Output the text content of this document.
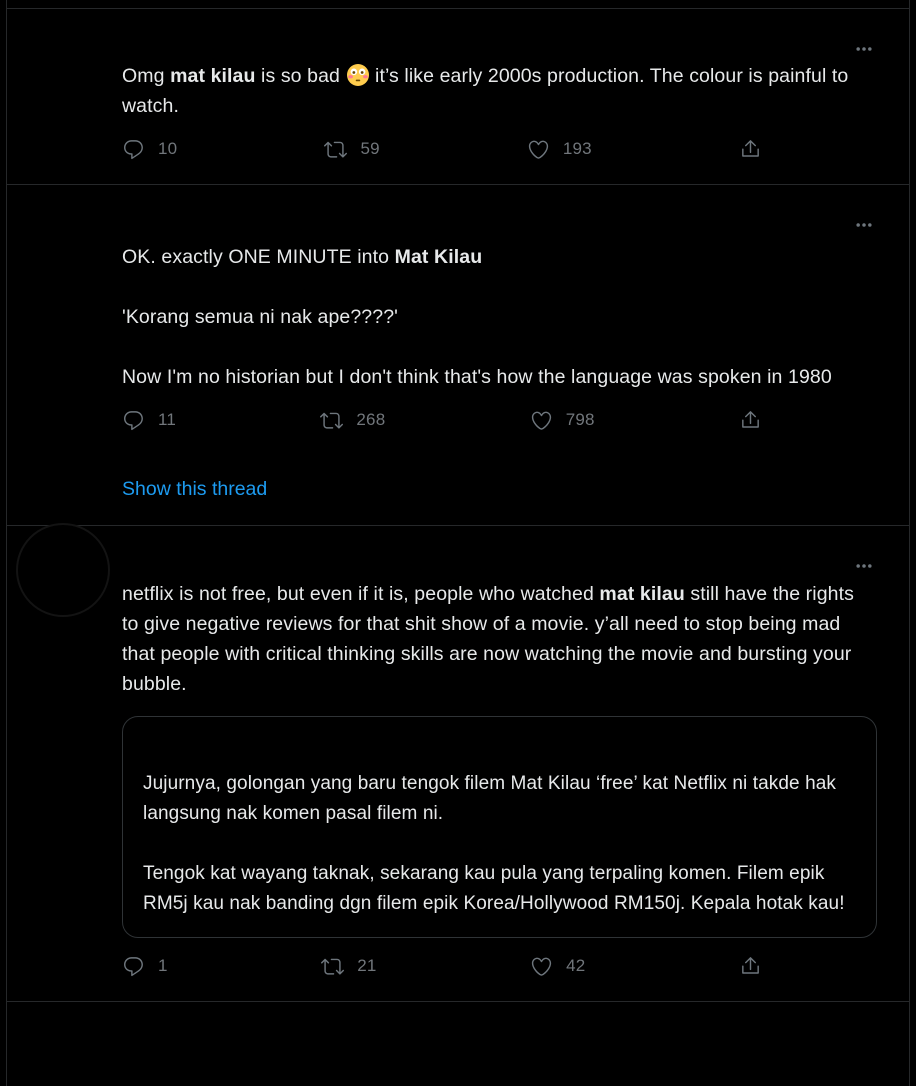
Omg mat kilau is so bad  it’s like early 2000s production. The colour is painful to watch.

10	59	193

OK. exactly ONE MINUTE into Mat Kilau

'Korang semua ni nak ape????'

Now I'm no historian but I don't think that's how the language was spoken in 1980

11	268	798
Show this thread

netflix is not free, but even if it is, people who watched mat kilau still have the rights to give negative reviews for that shit show of a movie. y’all need to stop being mad that people with critical thinking skills are now watching the movie and bursting your bubble.

Jujurnya, golongan yang baru tengok filem Mat Kilau ‘free’ kat Netflix ni takde hak langsung nak komen pasal filem ni.

Tengok kat wayang taknak, sekarang kau pula yang terpaling komen. Filem epik RM5j kau nak banding dgn filem epik Korea/Hollywood RM150j. Kepala hotak kau!

1	21	42
